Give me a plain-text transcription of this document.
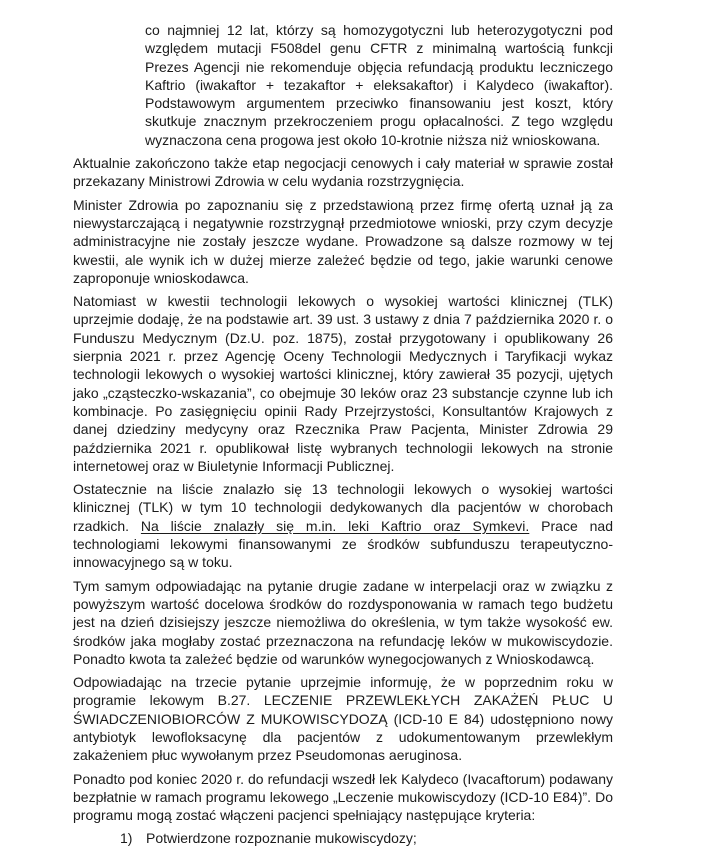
co najmniej 12 lat, którzy są homozygotyczni lub heterozygotyczni pod względem mutacji F508del genu CFTR z minimalną wartością funkcji Prezes Agencji nie rekomenduje objęcia refundacją produktu leczniczego Kaftrio (iwakaftor + tezakaftor + eleksakaftor) i Kalydeco (iwakaftor). Podstawowym argumentem przeciwko finansowaniu jest koszt, który skutkuje znacznym przekroczeniem progu opłacalności. Z tego względu wyznaczona cena progowa jest około 10-krotnie niższa niż wnioskowana.

Aktualnie zakończono także etap negocjacji cenowych i cały materiał w sprawie został przekazany Ministrowi Zdrowia w celu wydania rozstrzygnięcia.

Minister Zdrowia po zapoznaniu się z przedstawioną przez firmę ofertą uznał ją za niewystarczającą i negatywnie rozstrzygnął przedmiotowe wnioski, przy czym decyzje administracyjne nie zostały jeszcze wydane. Prowadzone są dalsze rozmowy w tej kwestii, ale wynik ich w dużej mierze zależeć będzie od tego, jakie warunki cenowe zaproponuje wnioskodawca.

Natomiast w kwestii technologii lekowych o wysokiej wartości klinicznej (TLK) uprzejmie dodaję, że na podstawie art. 39 ust. 3 ustawy z dnia 7 października 2020 r. o Funduszu Medycznym (Dz.U. poz. 1875), został przygotowany i opublikowany 26 sierpnia 2021 r. przez Agencję Oceny Technologii Medycznych i Taryfikacji wykaz technologii lekowych o wysokiej wartości klinicznej, który zawierał 35 pozycji, ujętych jako „cząsteczko-wskazania”, co obejmuje 30 leków oraz 23 substancje czynne lub ich kombinacje. Po zasięgnięciu opinii Rady Przejrzystości, Konsultantów Krajowych z danej dziedziny medycyny oraz Rzecznika Praw Pacjenta, Minister Zdrowia 29 października 2021 r. opublikował listę wybranych technologii lekowych na stronie internetowej oraz w Biuletynie Informacji Publicznej.

Ostatecznie na liście znalazło się 13 technologii lekowych o wysokiej wartości klinicznej (TLK) w tym 10 technologii dedykowanych dla pacjentów w chorobach rzadkich. Na liście znalazły się m.in. leki Kaftrio oraz Symkevi. Prace nad technologiami lekowymi finansowanymi ze środków subfunduszu terapeutyczno-innowacyjnego są w toku.

Tym samym odpowiadając na pytanie drugie zadane w interpelacji oraz w związku z powyższym wartość docelowa środków do rozdysponowania w ramach tego budżetu jest na dzień dzisiejszy jeszcze niemożliwa do określenia, w tym także wysokość ew. środków jaka mogłaby zostać przeznaczona na refundację leków w mukowiscydozie. Ponadto kwota ta zależeć będzie od warunków wynegocjowanych z Wnioskodawcą.

Odpowiadając na trzecie pytanie uprzejmie informuję, że w poprzednim roku w programie lekowym B.27. LECZENIE PRZEWLEKŁYCH ZAKAŻEŃ PŁUC U ŚWIADCZENIOBIORCÓW Z MUKOWISCYDOZĄ (ICD-10 E 84) udostępniono nowy antybiotyk lewofloksacynę dla pacjentów z udokumentowanym przewlekłym zakażeniem płuc wywołanym przez Pseudomonas aeruginosa.

Ponadto pod koniec 2020 r. do refundacji wszedł lek Kalydeco (Ivacaftorum) podawany bezpłatnie w ramach programu lekowego „Leczenie mukowiscydozy (ICD-10 E84)”. Do programu mogą zostać włączeni pacjenci spełniający następujące kryteria:

1) Potwierdzone rozpoznanie mukowiscydozy;
